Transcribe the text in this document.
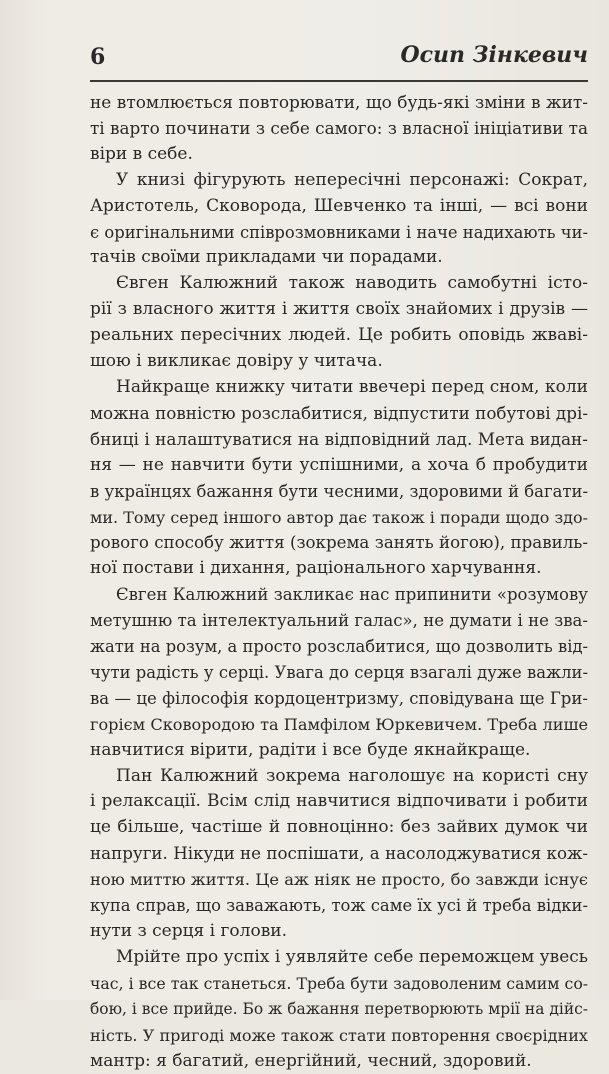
6	Осип Зінкевич

не втомлюється повторювати, що будь-які зміни в жит-
ті варто починати з себе самого: з власної ініціативи та
віри в себе.

У книзі фігурують непересічні персонажі: Сократ,
Аристотель, Сковорода, Шевченко та інші, — всі вони
є оригінальними співрозмовниками і наче надихають чи-
тачів своїми прикладами чи порадами.

Євген Калюжний також наводить самобутні істо-
рії з власного життя і життя своїх знайомих і друзів —
реальних пересічних людей. Це робить оповідь жваві-
шою і викликає довіру у читача.

Найкраще книжку читати ввечері перед сном, коли
можна повністю розслабитися, відпустити побутові дрі-
бниці і налаштуватися на відповідний лад. Мета видан-
ня — не навчити бути успішними, а хоча б пробудити
в українцях бажання бути чесними, здоровими й багати-
ми. Тому серед іншого автор дає також і поради щодо здо-
рового способу життя (зокрема занять йогою), правиль-
ної постави і дихання, раціонального харчування.

Євген Калюжний закликає нас припинити «розумову
метушню та інтелектуальний галас», не думати і не зва-
жати на розум, а просто розслабитися, що дозволить від-
чути радість у серці. Увага до серця взагалі дуже важли-
ва — це філософія кордоцентризму, сповідувана ще Гри-
горієм Сковородою та Памфілом Юркевичем. Треба лише
навчитися вірити, радіти і все буде якнайкраще.

Пан Калюжний зокрема наголошує на користі сну
і релаксації. Всім слід навчитися відпочивати і робити
це більше, частіше й повноцінно: без зайвих думок чи
напруги. Нікуди не поспішати, а насолоджуватися кож-
ною миттю життя. Це аж ніяк не просто, бо завжди існує
купа справ, що заважають, тож саме їх усі й треба відки-
нути з серця і голови.

Мрійте про успіх і уявляйте себе переможцем увесь
час, і все так станеться. Треба бути задоволеним самим со-
бою, і все прийде. Бо ж бажання перетворюють мрії на дійс-
ність. У пригоді може також стати повторення своєрідних
мантр: я багатий, енергійний, чесний, здоровий.
